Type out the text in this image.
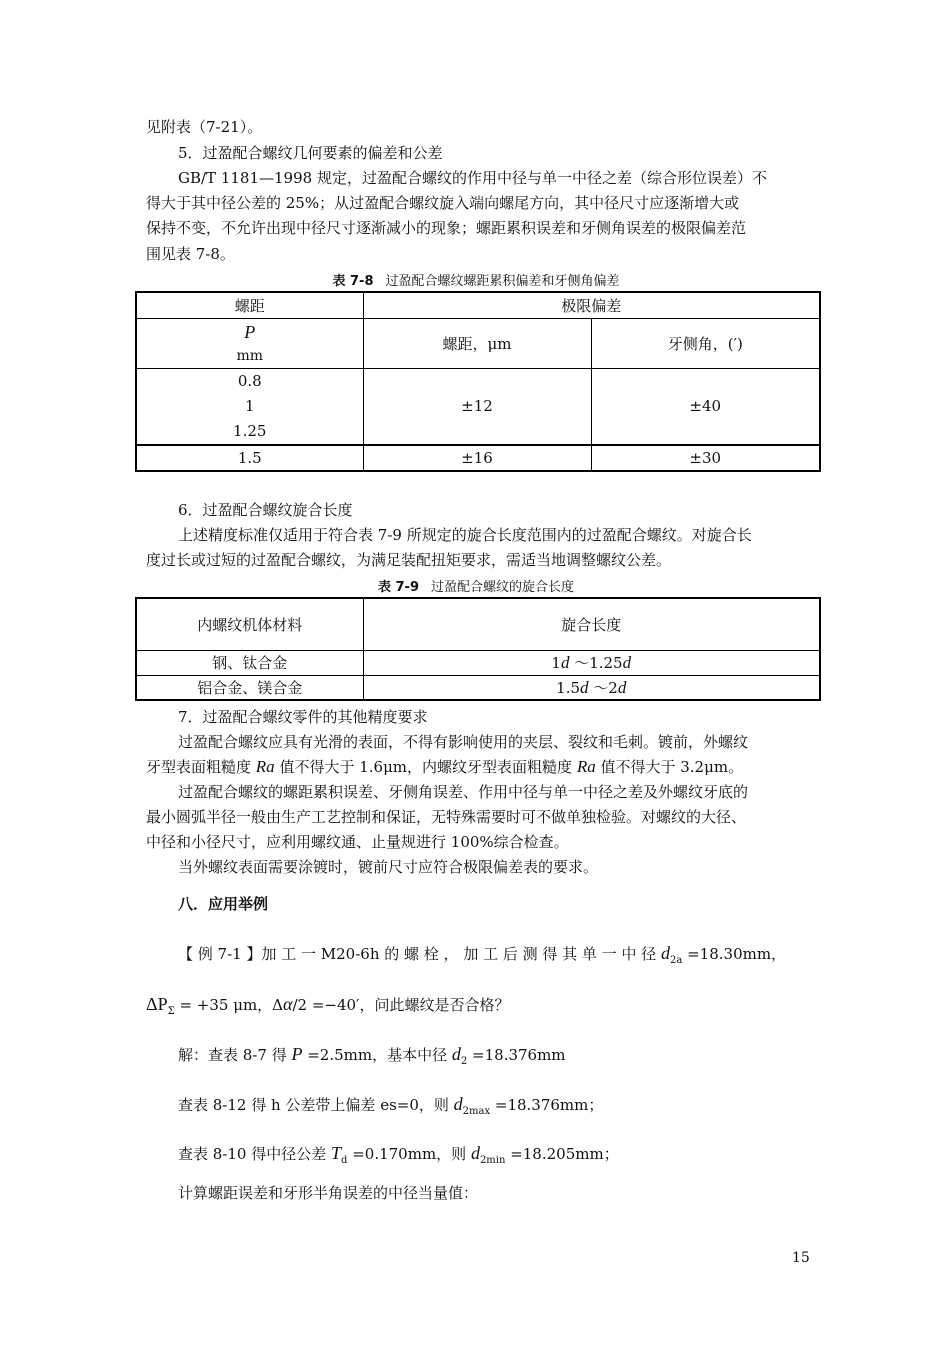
见附表（7-21）。
5．过盈配合螺纹几何要素的偏差和公差
GB/T 1181—1998 规定，过盈配合螺纹的作用中径与单一中径之差（综合形位误差）不
得大于其中径公差的 25%；从过盈配合螺纹旋入端向螺尾方向，其中径尺寸应逐渐增大或
保持不变，不允许出现中径尺寸逐渐减小的现象；螺距累积误差和牙侧角误差的极限偏差范
围见表 7-8。
表 7-8 过盈配合螺纹螺距累积偏差和牙侧角偏差
螺距	极限偏差	

P
mm	螺距，μm	牙侧角，(′)

0.8
1
1.25	±12	±40
1.5	±16	±30
6．过盈配合螺纹旋合长度
上述精度标准仅适用于符合表 7-9 所规定的旋合长度范围内的过盈配合螺纹。对旋合长
度过长或过短的过盈配合螺纹，为满足装配扭矩要求，需适当地调整螺纹公差。
表 7-9 过盈配合螺纹的旋合长度
内螺纹机体材料	旋合长度
钢、钛合金	1d ～1.25d
铝合金、镁合金	1.5d ～2d
7．过盈配合螺纹零件的其他精度要求
过盈配合螺纹应具有光滑的表面，不得有影响使用的夹层、裂纹和毛刺。镀前，外螺纹
牙型表面粗糙度 Ra 值不得大于 1.6μm，内螺纹牙型表面粗糙度 Ra 值不得大于 3.2μm。
过盈配合螺纹的螺距累积误差、牙侧角误差、作用中径与单一中径之差及外螺纹牙底的
最小圆弧半径一般由生产工艺控制和保证，无特殊需要时可不做单独检验。对螺纹的大径、
中径和小径尺寸，应利用螺纹通、止量规进行 100%综合检查。
当外螺纹表面需要涂镀时，镀前尺寸应符合极限偏差表的要求。
八．应用举例
【 例 7-1 】加 工 一 M20-6h 的 螺 栓 ， 加 工 后 测 得 其 单 一 中 径 $d_{2a} =18.30mm$，
$\Delta P_\Sigma = +35$ μm，Δα/2 =−40′，问此螺纹是否合格？
解：查表 8-7 得 P =2.5mm，基本中径 $d_2 =18.376mm$
查表 8-12 得 h 公差带上偏差 es=0，则 $d_{2max} =18.376mm$；
查表 8-10 得中径公差 $T_d =0.170mm$，则 $d_{2min} =18.205mm$；
计算螺距误差和牙形半角误差的中径当量值：
15
